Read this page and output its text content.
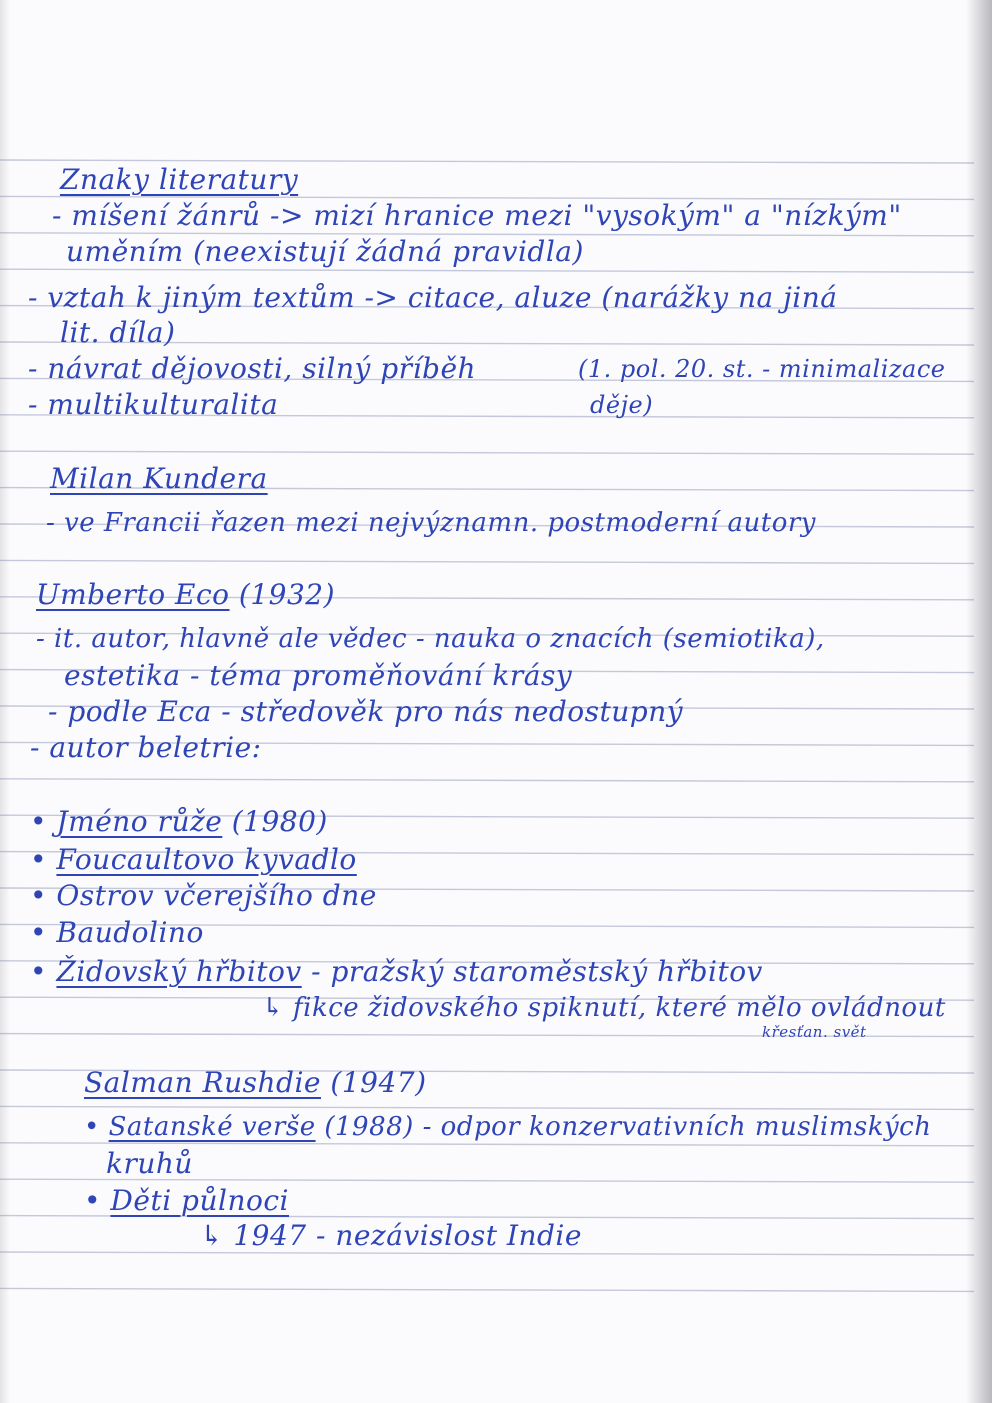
Znaky literatury
- míšení žánrů -> mizí hranice mezi "vysokým" a "nízkým"
uměním (neexistují žádná pravidla)
- vztah k jiným textům -> citace, aluze (narážky na jiná
lit. díla)
- návrat dějovosti, silný příběh	(1. pol. 20. st. - minimalizace
- multikulturalita	děje)
Milan Kundera
- ve Francii řazen mezi nejvýznamn. postmoderní autory
Umberto Eco (1932)
- it. autor, hlavně ale vědec - nauka o znacích (semiotika),
estetika - téma proměňování krásy
- podle Eca - středověk pro nás nedostupný
- autor beletrie:
• Jméno růže (1980)
• Foucaultovo kyvadlo
• Ostrov včerejšího dne
• Baudolino
• Židovský hřbitov - pražský staroměstský hřbitov
↳ fikce židovského spiknutí, které mělo ovládnout
křesťan. svět
Salman Rushdie (1947)
• Satanské verše (1988) - odpor konzervativních muslimských
kruhů
• Děti půlnoci
↳ 1947 - nezávislost Indie
